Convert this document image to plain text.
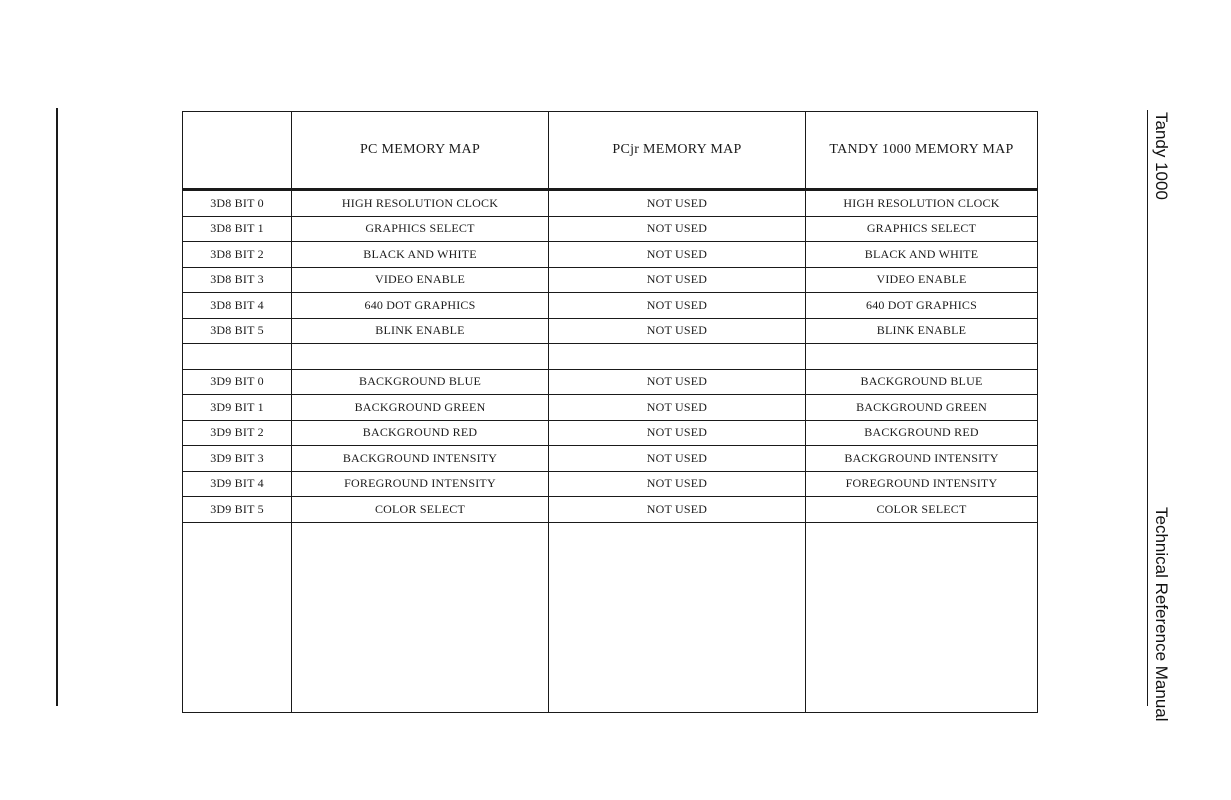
	PC MEMORY MAP	PCjr MEMORY MAP	TANDY 1000 MEMORY MAP
3D8 BIT 0	HIGH RESOLUTION CLOCK	NOT USED	HIGH RESOLUTION CLOCK
3D8 BIT 1	GRAPHICS SELECT	NOT USED	GRAPHICS SELECT
3D8 BIT 2	BLACK AND WHITE	NOT USED	BLACK AND WHITE
3D8 BIT 3	VIDEO ENABLE	NOT USED	VIDEO ENABLE
3D8 BIT 4	640 DOT GRAPHICS	NOT USED	640 DOT GRAPHICS
3D8 BIT 5	BLINK ENABLE	NOT USED	BLINK ENABLE

3D9 BIT 0	BACKGROUND BLUE	NOT USED	BACKGROUND BLUE
3D9 BIT 1	BACKGROUND GREEN	NOT USED	BACKGROUND GREEN
3D9 BIT 2	BACKGROUND RED	NOT USED	BACKGROUND RED
3D9 BIT 3	BACKGROUND INTENSITY	NOT USED	BACKGROUND INTENSITY
3D9 BIT 4	FOREGROUND INTENSITY	NOT USED	FOREGROUND INTENSITY
3D9 BIT 5	COLOR SELECT	NOT USED	COLOR SELECT

Tandy 1000
Technical Reference Manual
